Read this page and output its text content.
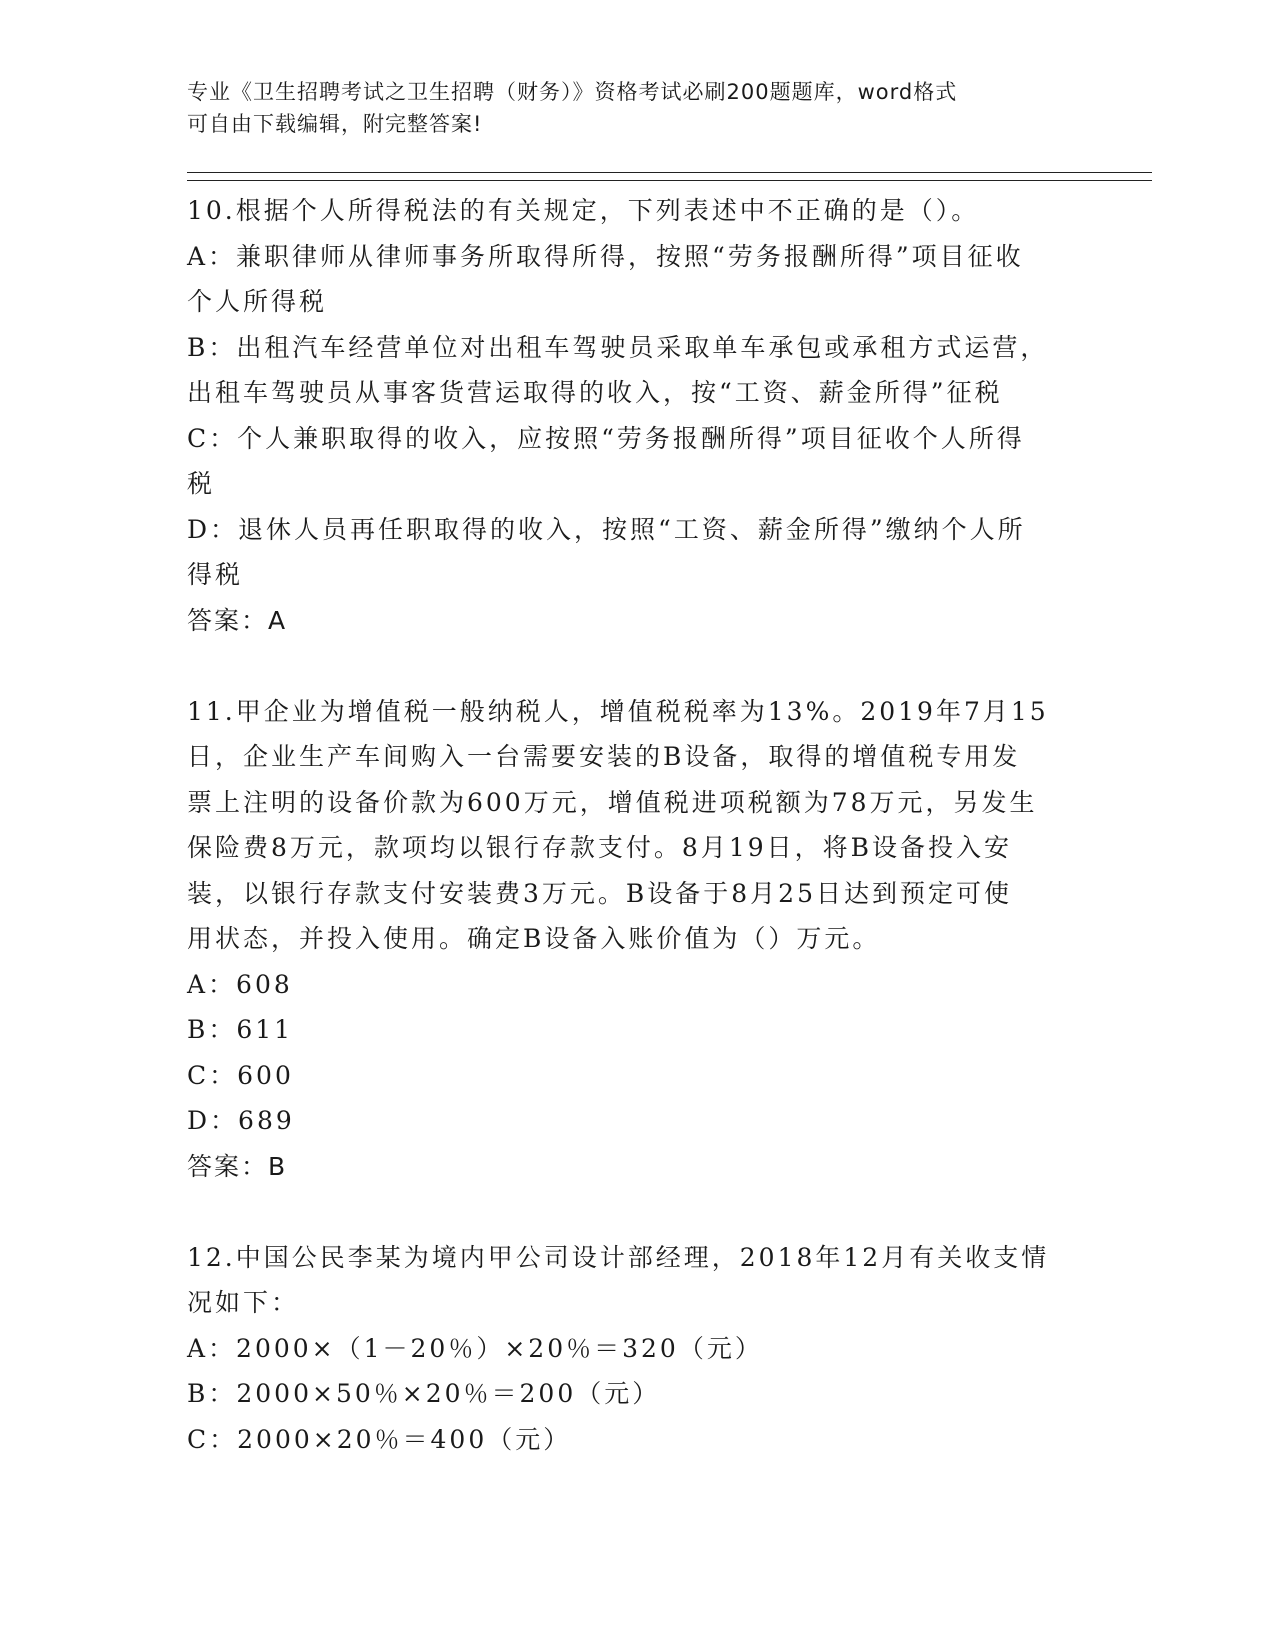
专业《卫生招聘考试之卫生招聘（财务）》资格考试必刷200题题库，word格式
可自由下载编辑，附完整答案!
10.根据个人所得税法的有关规定，下列表述中不正确的是（）。
A：兼职律师从律师事务所取得所得，按照“劳务报酬所得”项目征收
个人所得税
B：出租汽车经营单位对出租车驾驶员采取单车承包或承租方式运营，
出租车驾驶员从事客货营运取得的收入，按“工资、薪金所得”征税
C：个人兼职取得的收入，应按照“劳务报酬所得”项目征收个人所得
税
D：退休人员再任职取得的收入，按照“工资、薪金所得”缴纳个人所
得税
答案：A
11.甲企业为增值税一般纳税人，增值税税率为13%。2019年7月15
日，企业生产车间购入一台需要安装的B设备，取得的增值税专用发
票上注明的设备价款为600万元，增值税进项税额为78万元，另发生
保险费8万元，款项均以银行存款支付。8月19日，将B设备投入安
装，以银行存款支付安装费3万元。B设备于8月25日达到预定可使
用状态，并投入使用。确定B设备入账价值为（）万元。
A：608
B：611
C：600
D：689
答案：B
12.中国公民李某为境内甲公司设计部经理，2018年12月有关收支情
况如下：
A：2000×（1－20％）×20％＝320（元）
B：2000×50％×20％＝200（元）
C：2000×20％＝400（元）
